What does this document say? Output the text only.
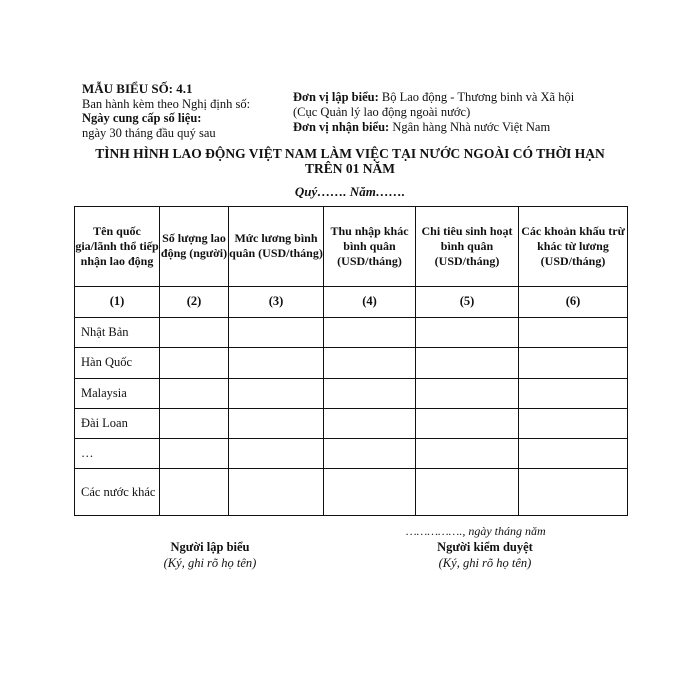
MẪU BIỂU SỐ: 4.1
Ban hành kèm theo Nghị định số:
Ngày cung cấp số liệu:
ngày 30 tháng đầu quý sau
Đơn vị lập biểu: Bộ Lao động - Thương binh và Xã hội
(Cục Quản lý lao động ngoài nước)
Đơn vị nhận biểu: Ngân hàng Nhà nước Việt Nam
TÌNH HÌNH LAO ĐỘNG VIỆT NAM LÀM VIỆC TẠI NƯỚC NGOÀI CÓ THỜI HẠN
TRÊN 01 NĂM
Quý……. Năm…….
Tên quốc gia/lãnh thổ tiếp nhận lao động	Số lượng lao động (người)	Mức lương bình quân (USD/tháng)	Thu nhập khác bình quân (USD/tháng)	Chi tiêu sinh hoạt bình quân (USD/tháng)	Các khoản khấu trừ khác từ lương (USD/tháng)
(1)	(2)	(3)	(4)	(5)	(6)
Nhật Bản					
Hàn Quốc					
Malaysia					
Đài Loan					
…					
Các nước khác					
……………., ngày tháng năm
Người lập biểu
(Ký, ghi rõ họ tên)
Người kiểm duyệt
(Ký, ghi rõ họ tên)
